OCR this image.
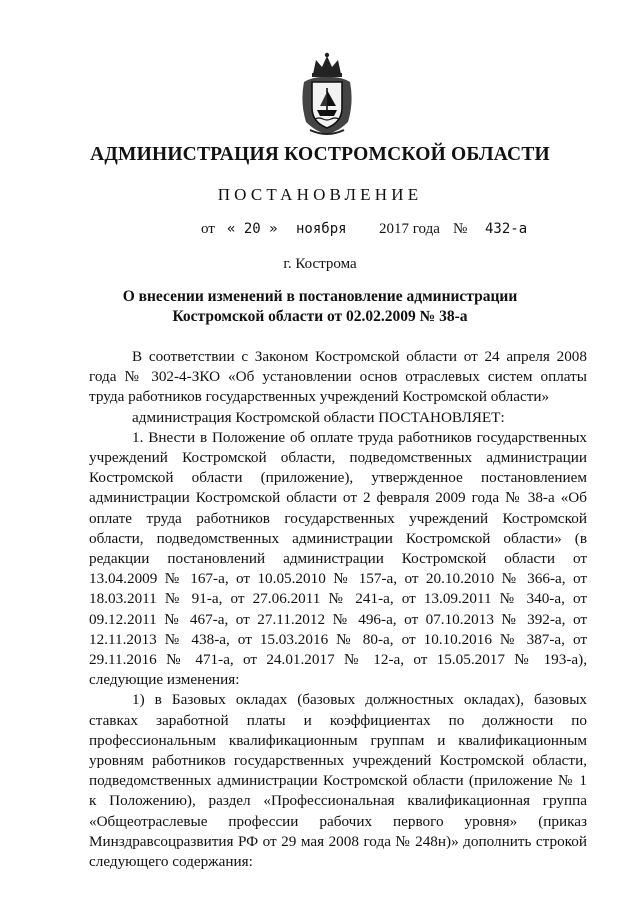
АДМИНИСТРАЦИЯ КОСТРОМСКОЙ ОБЛАСТИ
ПОСТАНОВЛЕНИЕ
от « 20 » ноября 2017 года № 432-а
г. Кострома
О внесении изменений в постановление администрации
Костромской области от 02.02.2009 № 38-а

В соответствии с Законом Костромской области от 24 апреля 2008 года № 302-4-ЗКО «Об установлении основ отраслевых систем оплаты труда работников государственных учреждений Костромской области»

администрация Костромской области ПОСТАНОВЛЯЕТ:

1. Внести в Положение об оплате труда работников государственных учреждений Костромской области, подведомственных администрации Костромской области (приложение), утвержденное постановлением администрации Костромской области от 2 февраля 2009 года № 38-а «Об оплате труда работников государственных учреждений Костромской области, подведомственных администрации Костромской области» (в редакции постановлений администрации Костромской области от 13.04.2009 № 167-а, от 10.05.2010 № 157-а, от 20.10.2010 № 366-а, от 18.03.2011 № 91-а, от 27.06.2011 № 241-а, от 13.09.2011 № 340-а, от 09.12.2011 № 467-а, от 27.11.2012 № 496-а, от 07.10.2013 № 392-а, от 12.11.2013 № 438-а, от 15.03.2016 № 80-а, от 10.10.2016 № 387-а, от 29.11.2016 № 471-а, от 24.01.2017 № 12-а, от 15.05.2017 № 193-а), следующие изменения:

1) в Базовых окладах (базовых должностных окладах), базовых ставках заработной платы и коэффициентах по должности по профессиональным квалификационным группам и квалификационным уровням работников государственных учреждений Костромской области, подведомственных администрации Костромской области (приложение № 1 к Положению), раздел «Профессиональная квалификационная группа «Общеотраслевые профессии рабочих первого уровня» (приказ Минздравсоцразвития РФ от 29 мая 2008 года № 248н)» дополнить строкой следующего содержания:
